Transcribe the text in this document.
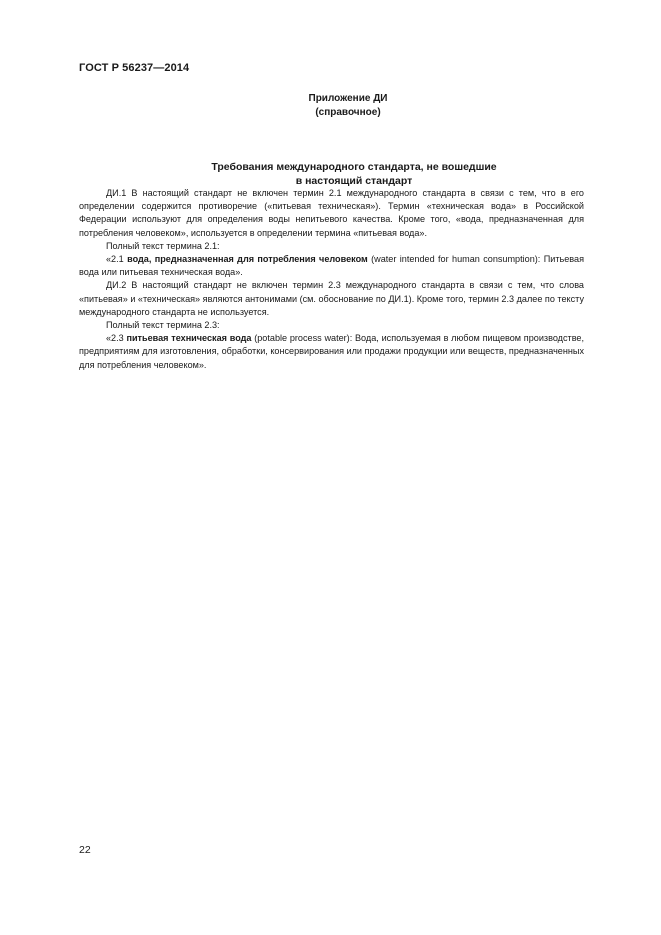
ГОСТ Р 56237—2014
Приложение ДИ
(справочное)
Требования международного стандарта, не вошедшие
в настоящий стандарт

ДИ.1 В настоящий стандарт не включен термин 2.1 международного стандарта в связи с тем, что в его определении содержится противоречие («питьевая техническая»). Термин «техническая вода» в Российской Федерации используют для определения воды непитьевого качества. Кроме того, «вода, предназначенная для потребления человеком», используется в определении термина «питьевая вода».

Полный текст термина 2.1:

«2.1 вода, предназначенная для потребления человеком (water intended for human consumption): Питьевая вода или питьевая техническая вода».

ДИ.2 В настоящий стандарт не включен термин 2.3 международного стандарта в связи с тем, что слова «питьевая» и «техническая» являются антонимами (см. обоснование по ДИ.1). Кроме того, термин 2.3 далее по тексту международного стандарта не используется.

Полный текст термина 2.3:

«2.3 питьевая техническая вода (potable process water): Вода, используемая в любом пищевом производстве, предприятиям для изготовления, обработки, консервирования или продажи продукции или веществ, предназначенных для потребления человеком».

22
